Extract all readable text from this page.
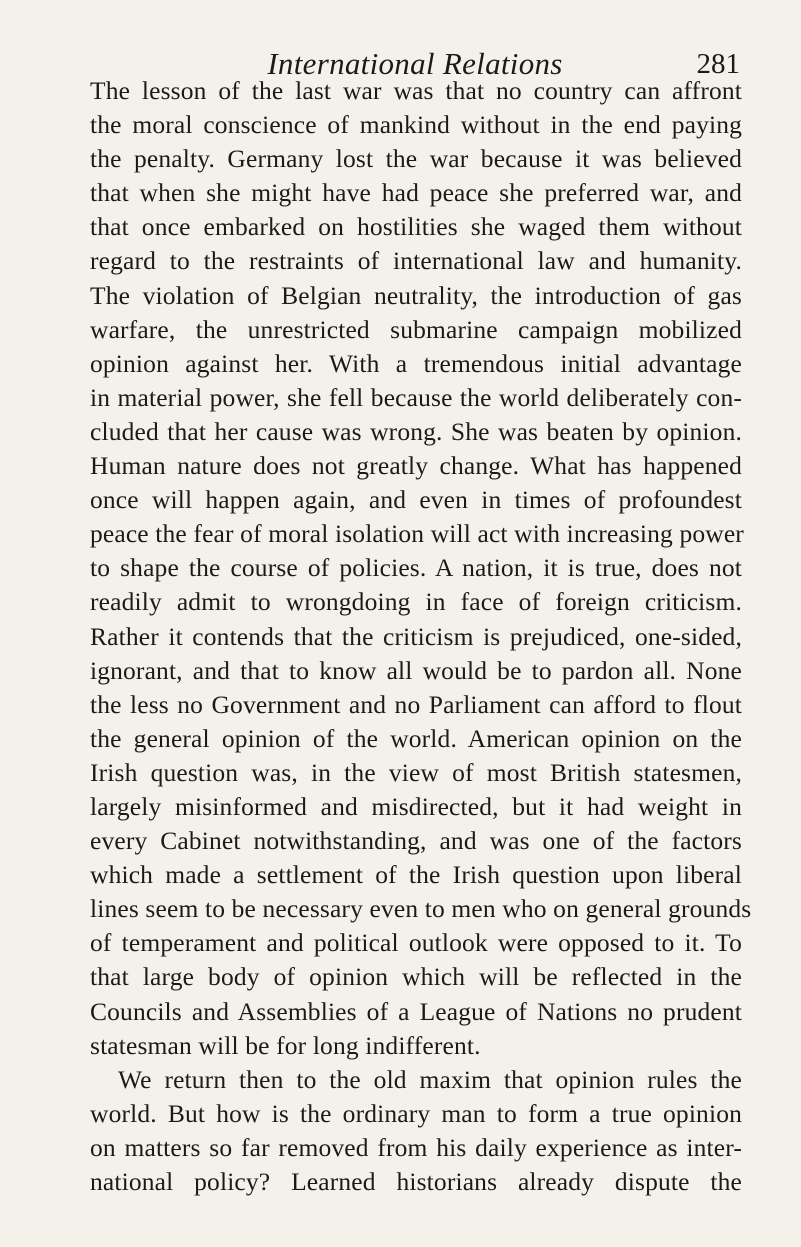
International Relations	281
The lesson of the last war was that no country can affront
the moral conscience of mankind without in the end paying
the penalty. Germany lost the war because it was believed
that when she might have had peace she preferred war, and
that once embarked on hostilities she waged them without
regard to the restraints of international law and humanity.
The violation of Belgian neutrality, the introduction of gas
warfare, the unrestricted submarine campaign mobilized
opinion against her. With a tremendous initial advantage
in material power, she fell because the world deliberately con-
cluded that her cause was wrong. She was beaten by opinion.
Human nature does not greatly change. What has happened
once will happen again, and even in times of profoundest
peace the fear of moral isolation will act with increasing power
to shape the course of policies. A nation, it is true, does not
readily admit to wrongdoing in face of foreign criticism.
Rather it contends that the criticism is prejudiced, one-sided,
ignorant, and that to know all would be to pardon all. None
the less no Government and no Parliament can afford to flout
the general opinion of the world. American opinion on the
Irish question was, in the view of most British statesmen,
largely misinformed and misdirected, but it had weight in
every Cabinet notwithstanding, and was one of the factors
which made a settlement of the Irish question upon liberal
lines seem to be necessary even to men who on general grounds
of temperament and political outlook were opposed to it. To
that large body of opinion which will be reflected in the
Councils and Assemblies of a League of Nations no prudent
statesman will be for long indifferent.
We return then to the old maxim that opinion rules the
world. But how is the ordinary man to form a true opinion
on matters so far removed from his daily experience as inter-
national policy? Learned historians already dispute the
